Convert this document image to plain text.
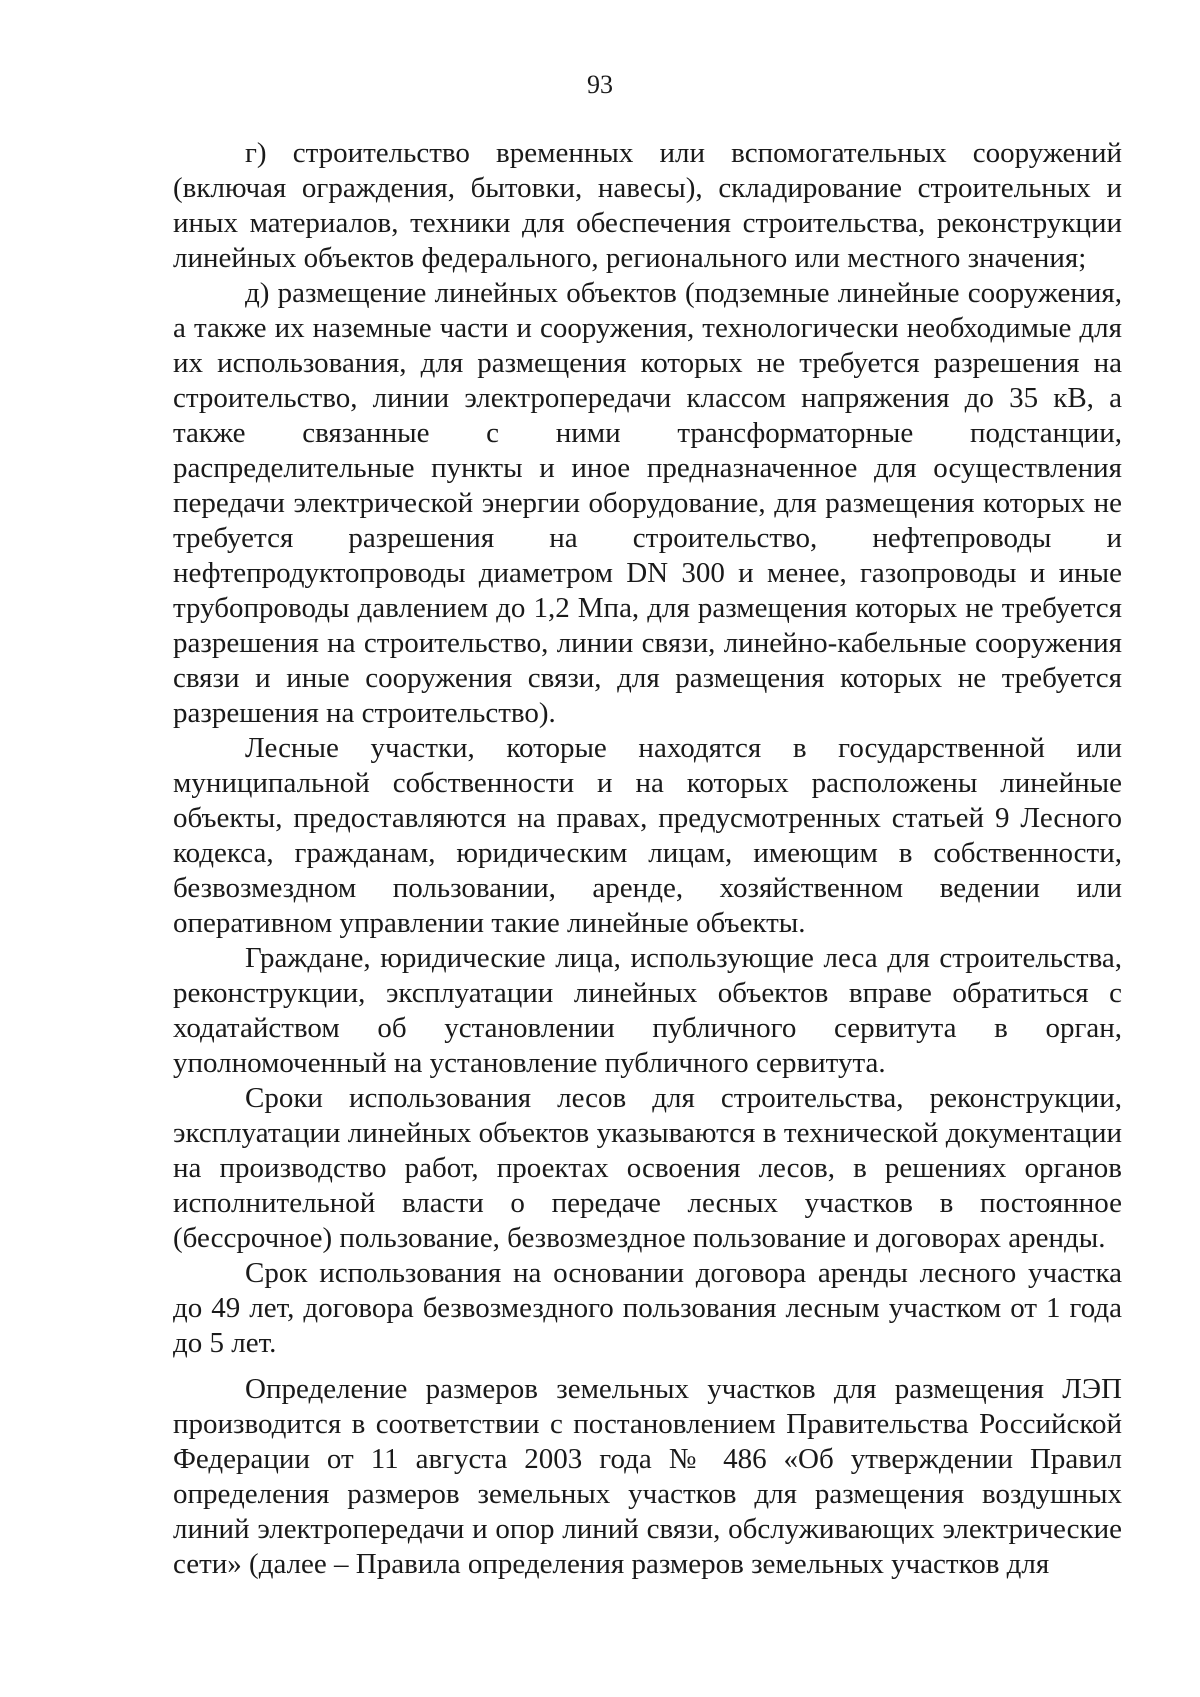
93

г) строительство временных или вспомогательных сооружений (включая ограждения, бытовки, навесы), складирование строительных и иных материалов, техники для обеспечения строительства, реконструкции линейных объектов федерального, регионального или местного значения;

д) размещение линейных объектов (подземные линейные сооружения, а также их наземные части и сооружения, технологически необходимые для их использования, для размещения которых не требуется разрешения на строительство, линии электропередачи классом напряжения до 35 кВ, а также связанные с ними трансформаторные подстанции, распределительные пункты и иное предназначенное для осуществления передачи электрической энергии оборудование, для размещения которых не требуется разрешения на строительство, нефтепроводы и нефтепродуктопроводы диаметром DN 300 и менее, газопроводы и иные трубопроводы давлением до 1,2 Мпа, для размещения которых не требуется разрешения на строительство, линии связи, линейно-кабельные сооружения связи и иные сооружения связи, для размещения которых не требуется разрешения на строительство).

Лесные участки, которые находятся в государственной или муниципальной собственности и на которых расположены линейные объекты, предоставляются на правах, предусмотренных статьей 9 Лесного кодекса, гражданам, юридическим лицам, имеющим в собственности, безвозмездном пользовании, аренде, хозяйственном ведении или оперативном управлении такие линейные объекты.

Граждане, юридические лица, использующие леса для строительства, реконструкции, эксплуатации линейных объектов вправе обратиться с ходатайством об установлении публичного сервитута в орган, уполномоченный на установление публичного сервитута.

Сроки использования лесов для строительства, реконструкции, эксплуатации линейных объектов указываются в технической документации на производство работ, проектах освоения лесов, в решениях органов исполнительной власти о передаче лесных участков в постоянное (бессрочное) пользование, безвозмездное пользование и договорах аренды.

Срок использования на основании договора аренды лесного участка до 49 лет, договора безвозмездного пользования лесным участком от 1 года до 5 лет.

Определение размеров земельных участков для размещения ЛЭП производится в соответствии с постановлением Правительства Российской Федерации от 11 августа 2003 года № 486 «Об утверждении Правил определения размеров земельных участков для размещения воздушных линий электропередачи и опор линий связи, обслуживающих электрические сети» (далее – Правила определения размеров земельных участков для
